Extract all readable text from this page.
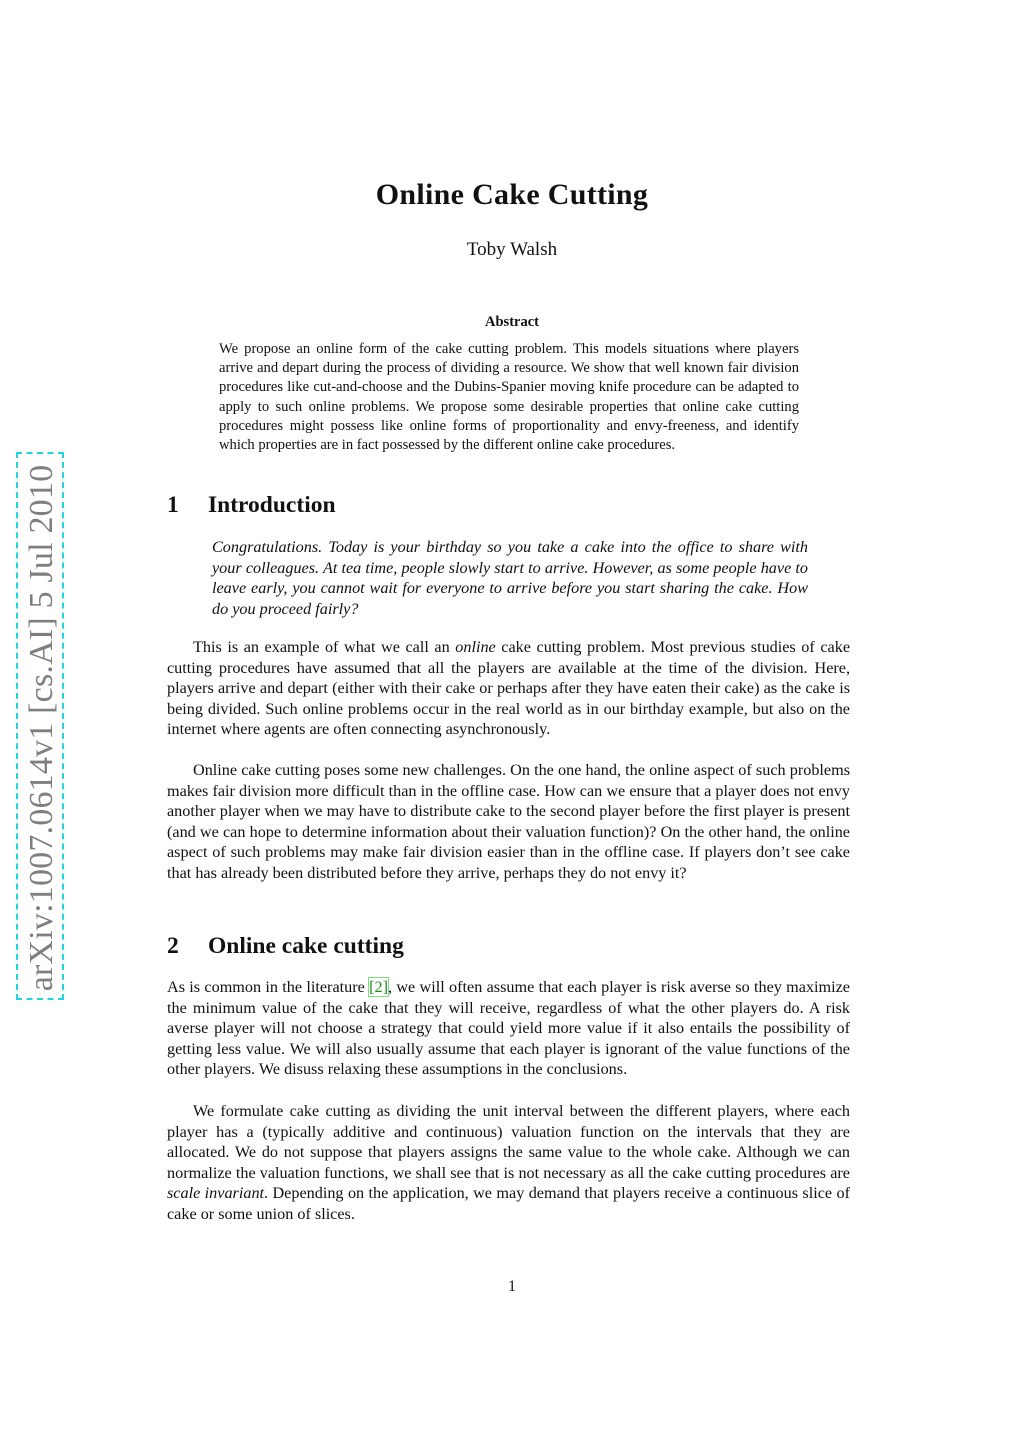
arXiv:1007.0614v1 [cs.AI] 5 Jul 2010
Online Cake Cutting
Toby Walsh
Abstract
We propose an online form of the cake cutting problem. This models situations where players arrive and depart during the process of dividing a resource. We show that well known fair division procedures like cut-and-choose and the Dubins-Spanier moving knife procedure can be adapted to apply to such online problems. We propose some desirable properties that online cake cutting procedures might possess like online forms of proportionality and envy-freeness, and identify which properties are in fact possessed by the different online cake procedures.
1 Introduction
Congratulations. Today is your birthday so you take a cake into the office to share with your colleagues. At tea time, people slowly start to arrive. However, as some people have to leave early, you cannot wait for everyone to arrive before you start sharing the cake. How do you proceed fairly?

This is an example of what we call an online cake cutting problem. Most previous studies of cake cutting procedures have assumed that all the players are available at the time of the division. Here, players arrive and depart (either with their cake or perhaps after they have eaten their cake) as the cake is being divided. Such online problems occur in the real world as in our birthday example, but also on the internet where agents are often connecting asynchronously.

Online cake cutting poses some new challenges. On the one hand, the online aspect of such problems makes fair division more difficult than in the offline case. How can we ensure that a player does not envy another player when we may have to distribute cake to the second player before the first player is present (and we can hope to determine information about their valuation function)? On the other hand, the online aspect of such problems may make fair division easier than in the offline case. If players don’t see cake that has already been distributed before they arrive, perhaps they do not envy it?

2 Online cake cutting

As is common in the literature [2], we will often assume that each player is risk averse so they maximize the minimum value of the cake that they will receive, regardless of what the other players do. A risk averse player will not choose a strategy that could yield more value if it also entails the possibility of getting less value. We will also usually assume that each player is ignorant of the value functions of the other players. We disuss relaxing these assumptions in the conclusions.

We formulate cake cutting as dividing the unit interval between the different players, where each player has a (typically additive and continuous) valuation function on the intervals that they are allocated. We do not suppose that players assigns the same value to the whole cake. Although we can normalize the valuation functions, we shall see that is not necessary as all the cake cutting procedures are scale invariant. Depending on the application, we may demand that players receive a continuous slice of cake or some union of slices.

1
